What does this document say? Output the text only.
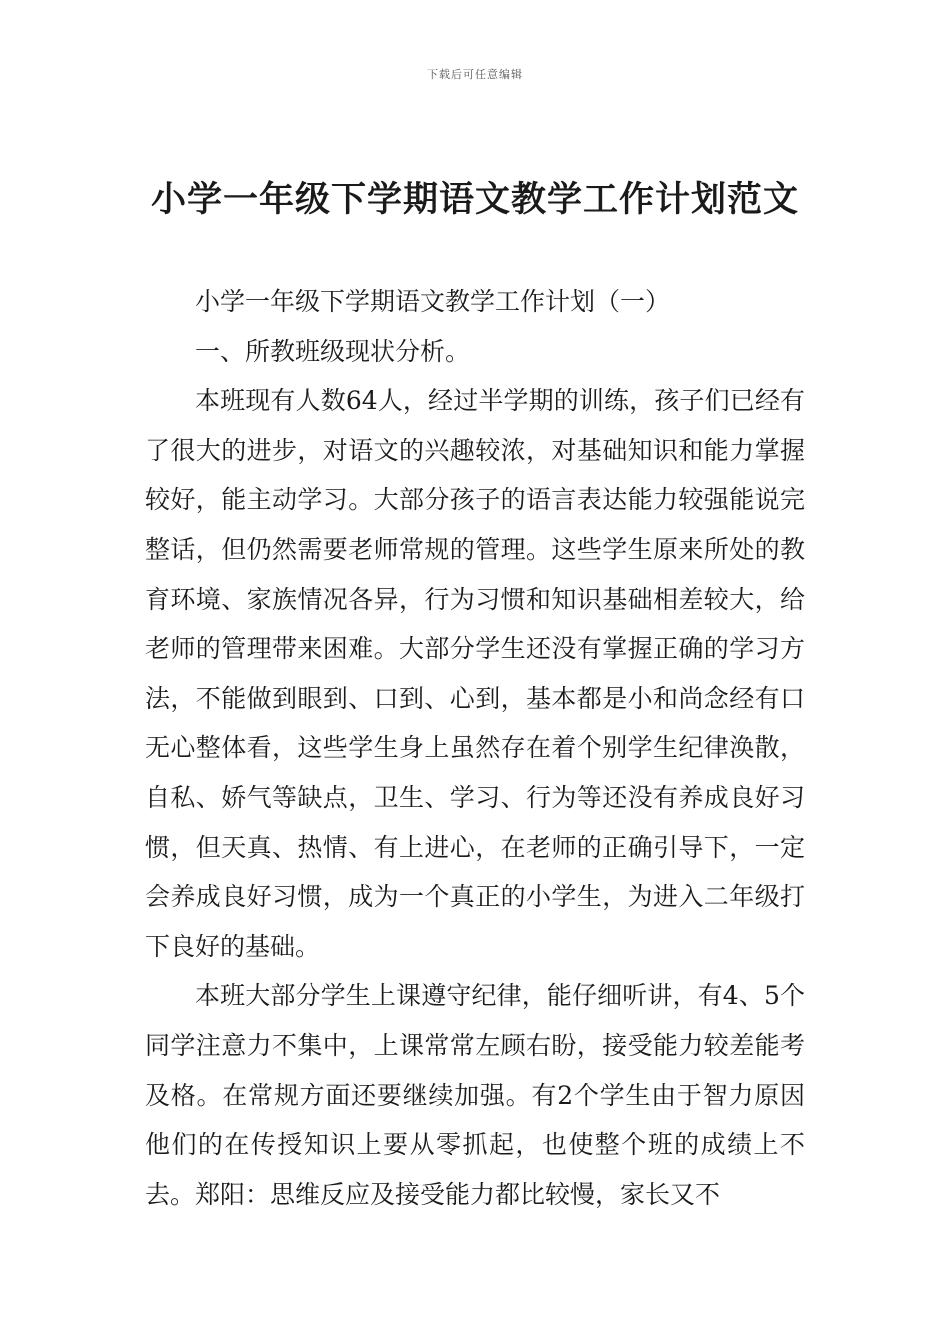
下载后可任意编辑
小学一年级下学期语文教学工作计划范文

小学一年级下学期语文教学工作计划（一）

一、所教班级现状分析。

本班现有人数64人，经过半学期的训练，孩子们已经有了很大的进步，对语文的兴趣较浓，对基础知识和能力掌握较好，能主动学习。大部分孩子的语言表达能力较强能说完整话，但仍然需要老师常规的管理。这些学生原来所处的教育环境、家族情况各异，行为习惯和知识基础相差较大，给老师的管理带来困难。大部分学生还没有掌握正确的学习方法，不能做到眼到、口到、心到，基本都是小和尚念经有口无心整体看，这些学生身上虽然存在着个别学生纪律涣散，自私、娇气等缺点，卫生、学习、行为等还没有养成良好习惯，但天真、热情、有上进心，在老师的正确引导下，一定会养成良好习惯，成为一个真正的小学生，为进入二年级打下良好的基础。

本班大部分学生上课遵守纪律，能仔细听讲，有4、5个同学注意力不集中，上课常常左顾右盼，接受能力较差能考及格。在常规方面还要继续加强。有2个学生由于智力原因他们的在传授知识上要从零抓起，也使整个班的成绩上不去。郑阳：思维反应及接受能力都比较慢，家长又不
